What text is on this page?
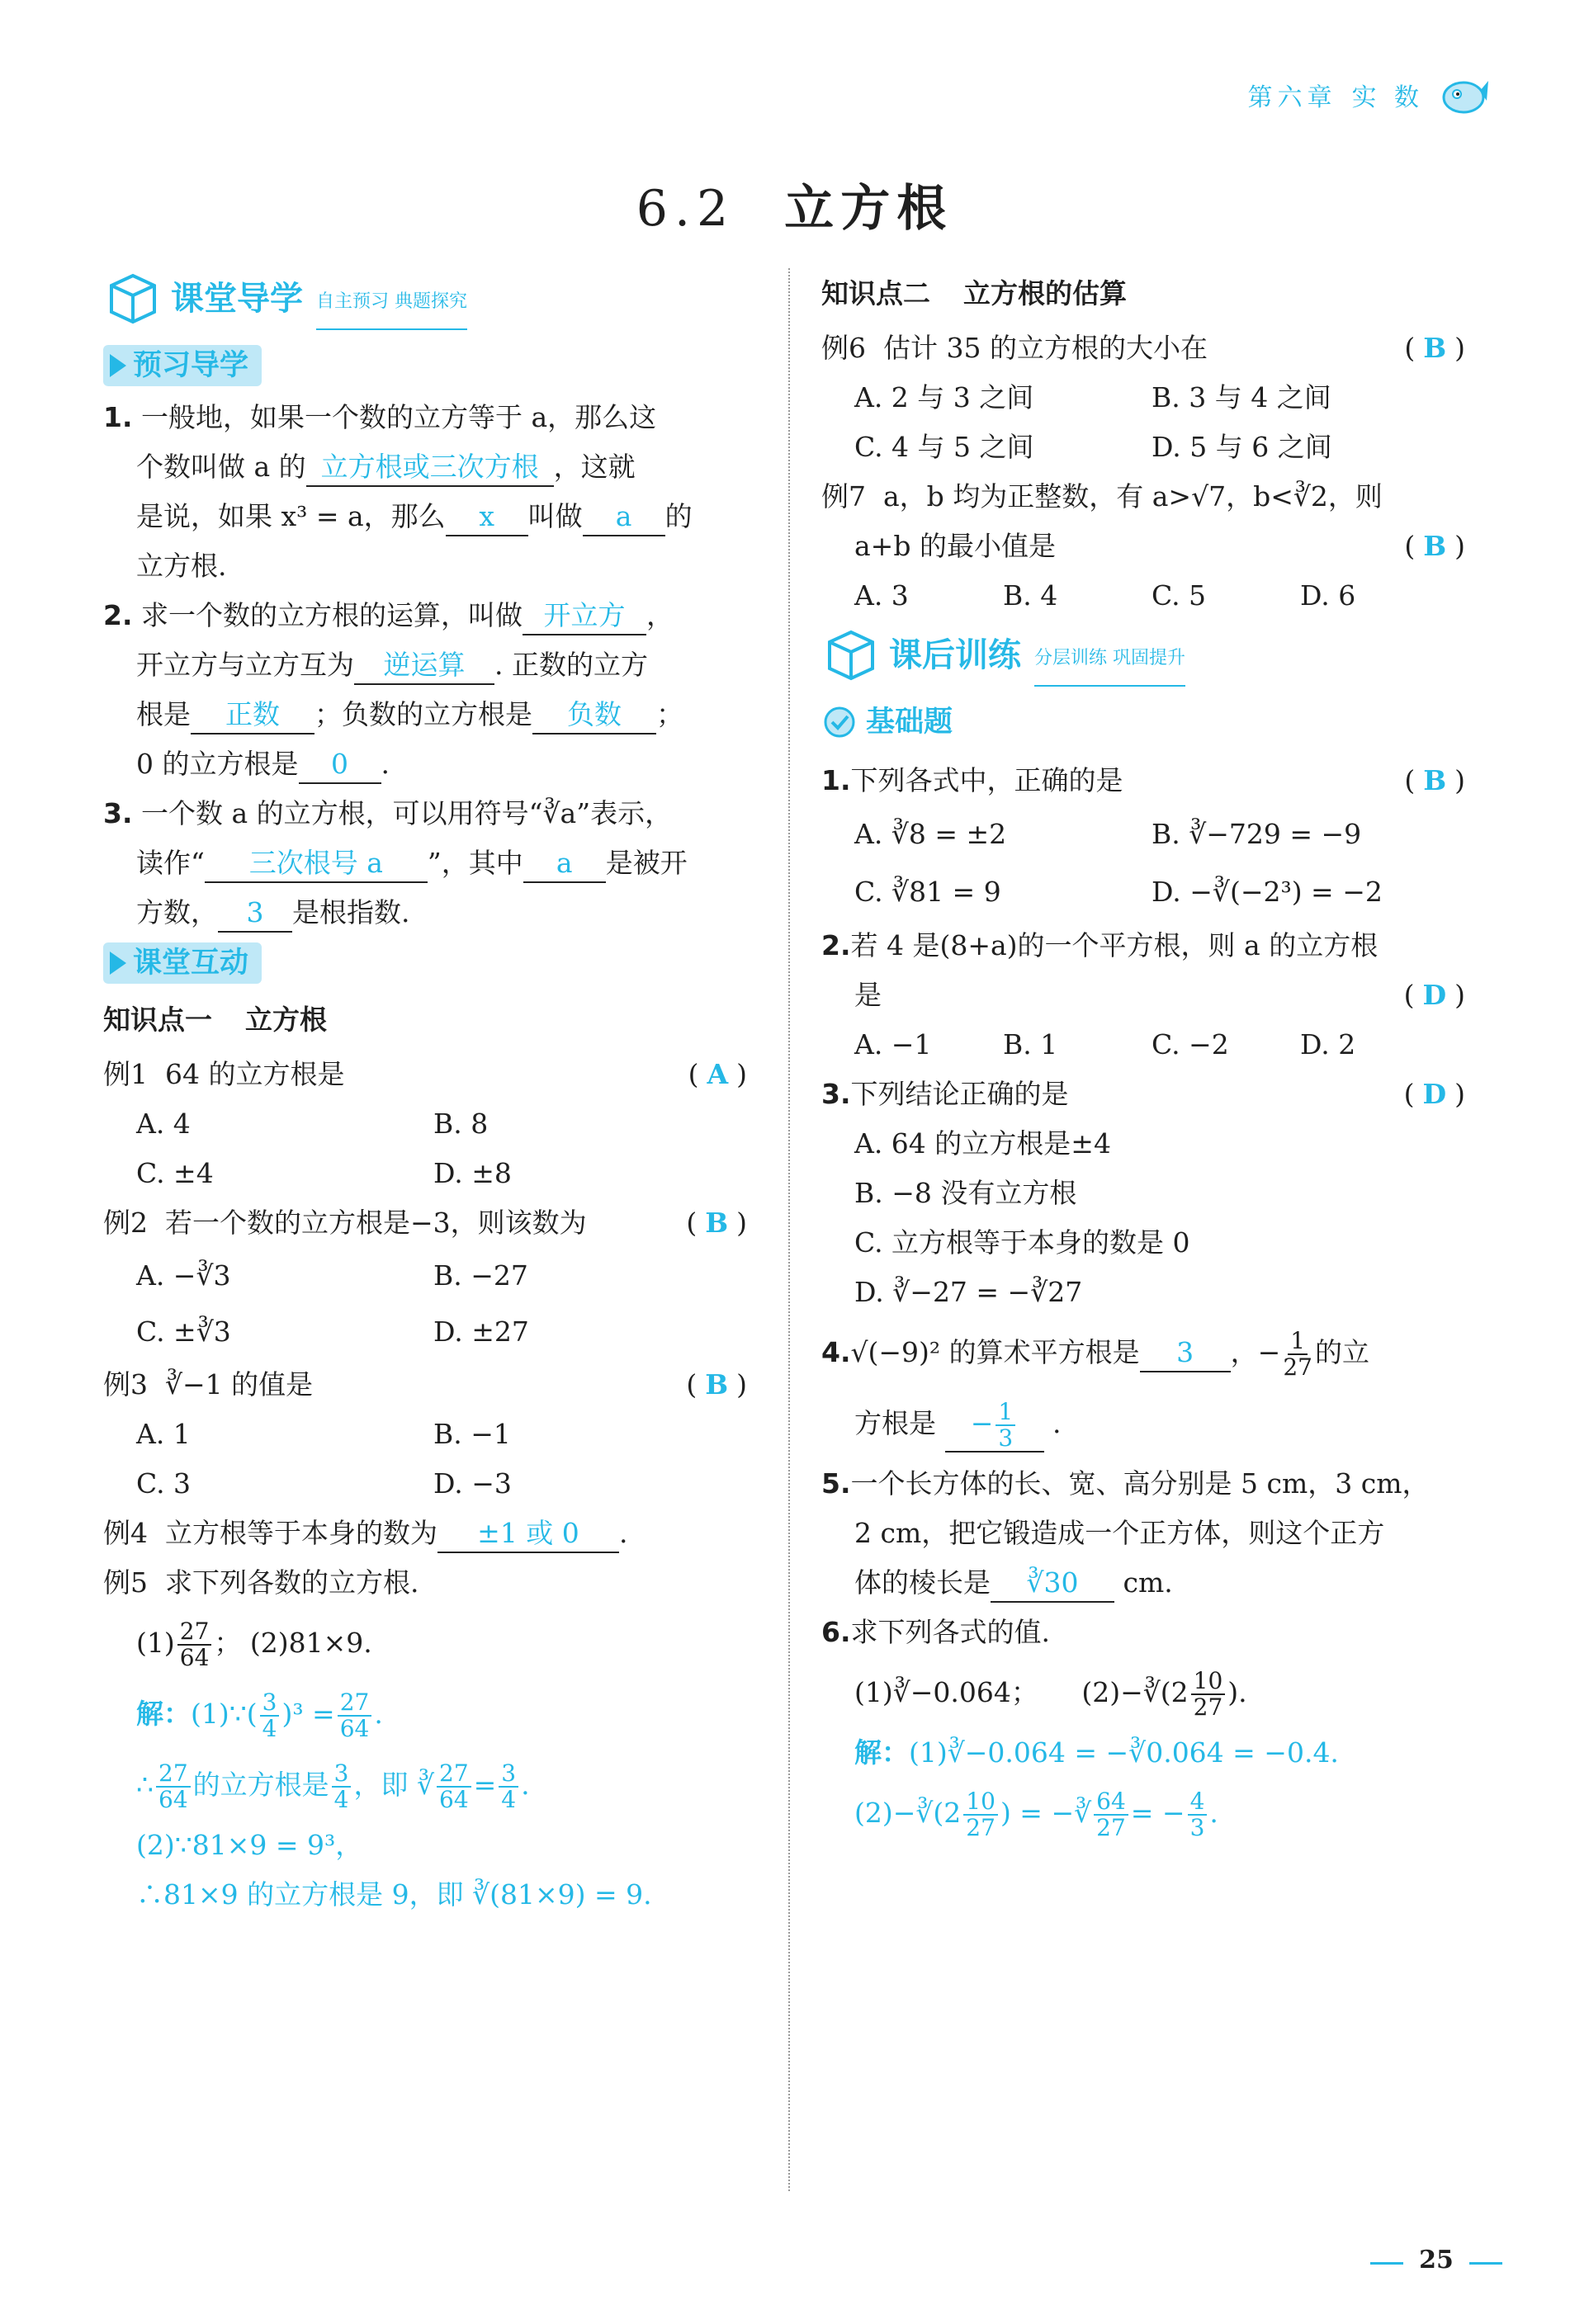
第六章 实 数
6.2 立方根
课堂导学 自主预习 典题探究
预习导学
1. 一般地，如果一个数的立方等于 a，那么这
个数叫做 a 的 立方根或三次方根 ，这就
是说，如果 x³ = a，那么 x 叫做 a 的
立方根.
2. 求一个数的立方根的运算，叫做 开立方 ，
开立方与立方互为 逆运算 . 正数的立方
根是 正数 ；负数的立方根是 负数 ；
0 的立方根是 0 .
3. 一个数 a 的立方根，可以用符号“∛a”表示，
读作“ 三次根号 a ”，其中 a 是被开
方数， 3 是根指数.
课堂互动
知识点一 立方根
例1 64 的立方根是	(A)
A. 4	B. 8
C. ±4	D. ±8
例2 若一个数的立方根是−3，则该数为	(B)
A. −∛3	B. −27
C. ±∛3	D. ±27
例3 ∛−1 的值是	(B)
A. 1	B. −1
C. 3	D. −3
例4 立方根等于本身的数为 ±1 或 0 .
例5 求下列各数的立方根.
$(1) \frac{27}{64}$ ； (2)81×9.
解：(1)∵( $\frac{3}{4} )^3 = \frac{27}{64}$ .
∴ $\frac{27}{64}$ 的立方根是 $\frac{3}{4}$ ，即 ∛ $\frac{27}{64} = \frac{3}{4}$ .
(2)∵81×9 = 9³，
∴81×9 的立方根是 9，即 ∛(81×9) = 9.
知识点二 立方根的估算
例6 估计 35 的立方根的大小在	(B)
A. 2 与 3 之间	B. 3 与 4 之间
C. 4 与 5 之间	D. 5 与 6 之间
例7 a，b 均为正整数，有 a>√7，b<∛2，则
a+b 的最小值是	(B)
A. 3	B. 4	C. 5	D. 6
课后训练 分层训练 巩固提升
基础题
1.下列各式中，正确的是	(B)
A. ∛8 = ±2	B. ∛−729 = −9
C. ∛81 = 9	D. −∛(−2³) = −2
2.若 4 是(8+a)的一个平方根，则 a 的立方根
是	(D)
A. −1	B. 1	C. −2	D. 2
3.下列结论正确的是	(D)
A. 64 的立方根是±4
B. −8 没有立方根
C. 立方根等于本身的数是 0
D. ∛−27 = −∛27
4.√(−9)² 的算术平方根是 3 ，− $\frac{1}{27}$ 的立
方根是 − $\frac{1}{3}$ .
5.一个长方体的长、宽、高分别是 5 cm，3 cm，
2 cm，把它锻造成一个正方体，则这个正方
体的棱长是 ∛30 cm.
6.求下列各式的值.
(1)∛−0.064； (2)−∛(2 $\frac{10}{27}$ ).
解：(1)∛−0.064 = −∛0.064 = −0.4.
(2)−∛(2 $\frac{10}{27}$ ) = −∛ $\frac{64}{27}$ = − $\frac{4}{3}$ .
25
